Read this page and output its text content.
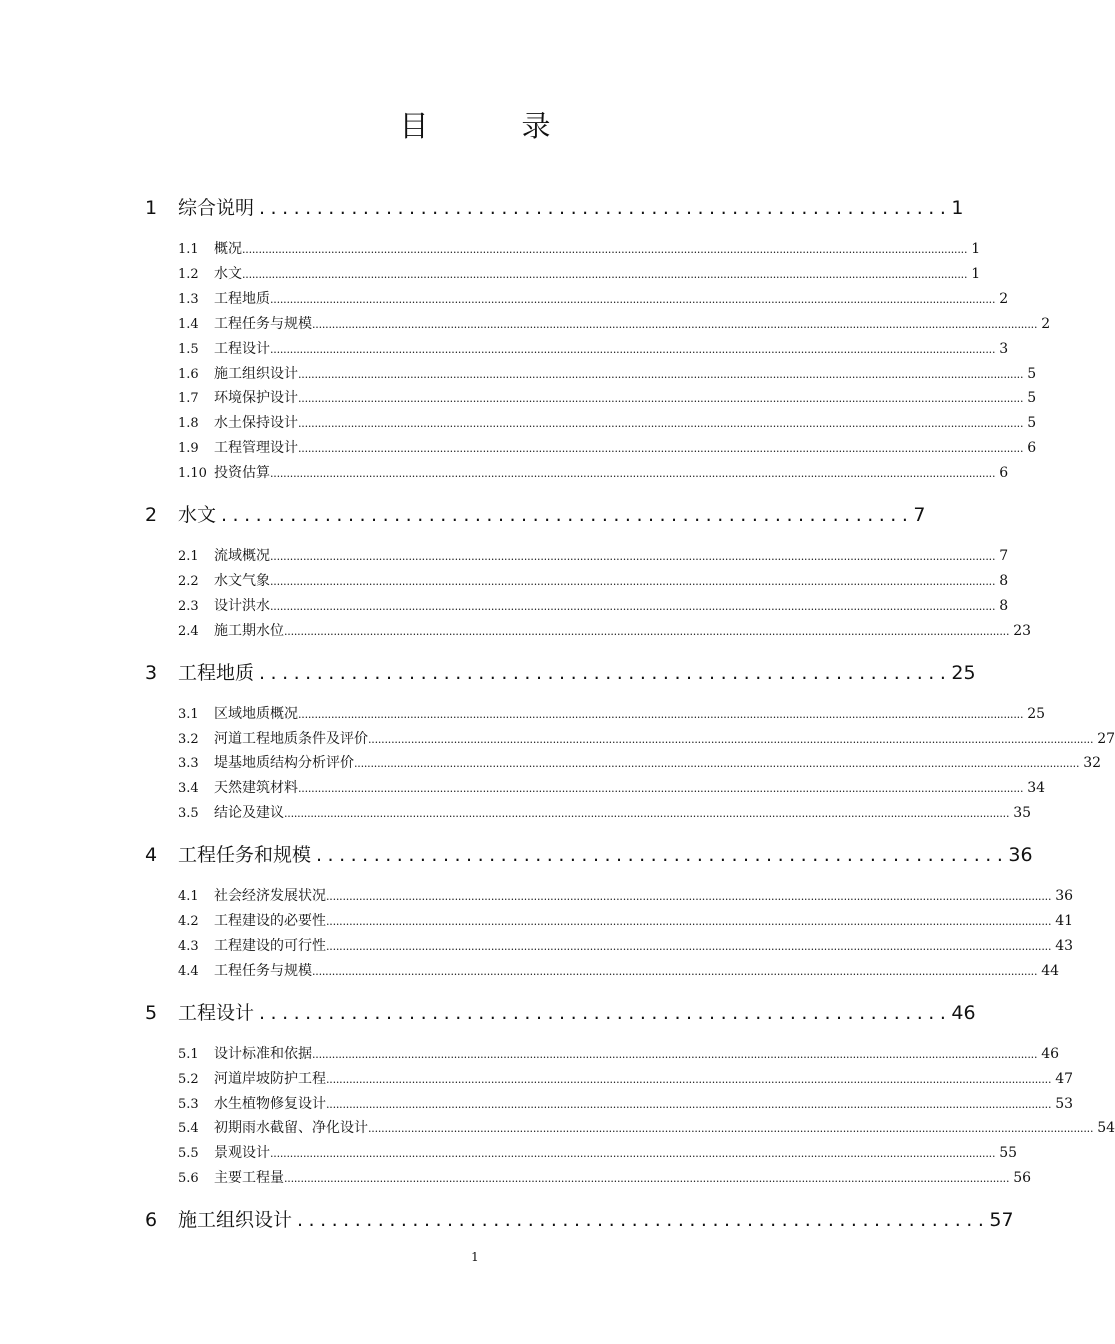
目　录
1	综合说明 ............................................................ 1
1.1	概况 ............................................................................................................................................................................................................................ 1
1.2	水文 ............................................................................................................................................................................................................................ 1
1.3	工程地质 ............................................................................................................................................................................................................................ 2
1.4	工程任务与规模 ............................................................................................................................................................................................................................ 2
1.5	工程设计 ............................................................................................................................................................................................................................ 3
1.6	施工组织设计 ............................................................................................................................................................................................................................ 5
1.7	环境保护设计 ............................................................................................................................................................................................................................ 5
1.8	水土保持设计 ............................................................................................................................................................................................................................ 5
1.9	工程管理设计 ............................................................................................................................................................................................................................ 6
1.10 投资估算 ............................................................................................................................................................................................................................ 6
2	水文 ............................................................ 7
2.1	流域概况 ............................................................................................................................................................................................................................ 7
2.2	水文气象 ............................................................................................................................................................................................................................ 8
2.3	设计洪水 ............................................................................................................................................................................................................................ 8
2.4	施工期水位 ............................................................................................................................................................................................................................ 23
3	工程地质 ............................................................ 25
3.1	区域地质概况 ............................................................................................................................................................................................................................ 25
3.2	河道工程地质条件及评价 ............................................................................................................................................................................................................................ 27
3.3	堤基地质结构分析评价 ............................................................................................................................................................................................................................ 32
3.4	天然建筑材料 ............................................................................................................................................................................................................................ 34
3.5	结论及建议 ............................................................................................................................................................................................................................ 35
4	工程任务和规模 ............................................................ 36
4.1	社会经济发展状况 ............................................................................................................................................................................................................................ 36
4.2	工程建设的必要性 ............................................................................................................................................................................................................................ 41
4.3	工程建设的可行性 ............................................................................................................................................................................................................................ 43
4.4	工程任务与规模 ............................................................................................................................................................................................................................ 44
5	工程设计 ............................................................ 46
5.1	设计标准和依据 ............................................................................................................................................................................................................................ 46
5.2	河道岸坡防护工程 ............................................................................................................................................................................................................................ 47
5.3	水生植物修复设计 ............................................................................................................................................................................................................................ 53
5.4	初期雨水截留、净化设计 ............................................................................................................................................................................................................................ 54
5.5	景观设计 ............................................................................................................................................................................................................................ 55
5.6	主要工程量 ............................................................................................................................................................................................................................ 56
6	施工组织设计 ............................................................ 57
1
